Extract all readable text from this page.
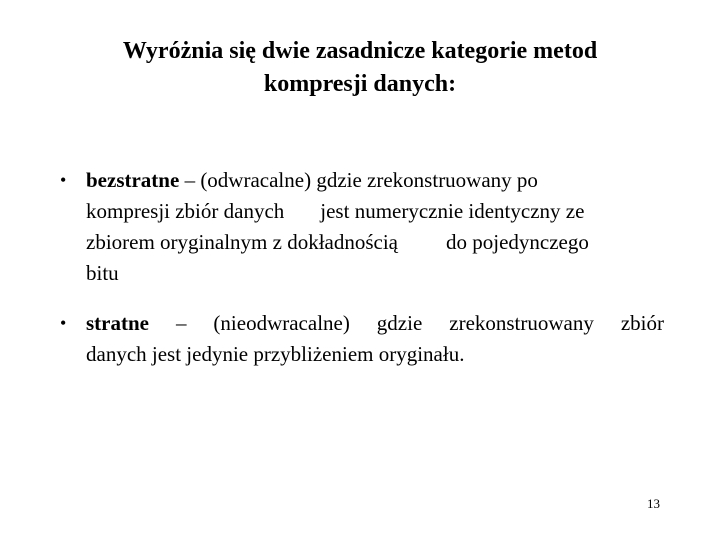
Wyróżnia się dwie zasadnicze kategorie metod
kompresji danych:
• bezstratne – (odwracalne) gdzie zrekonstruowany po
kompresji zbiór danych jest numerycznie identyczny ze
zbiorem oryginalnym z dokładnością do pojedynczego
bitu
• stratne – (nieodwracalne) gdzie zrekonstruowany zbiór
danych jest jedynie przybliżeniem oryginału.
13
